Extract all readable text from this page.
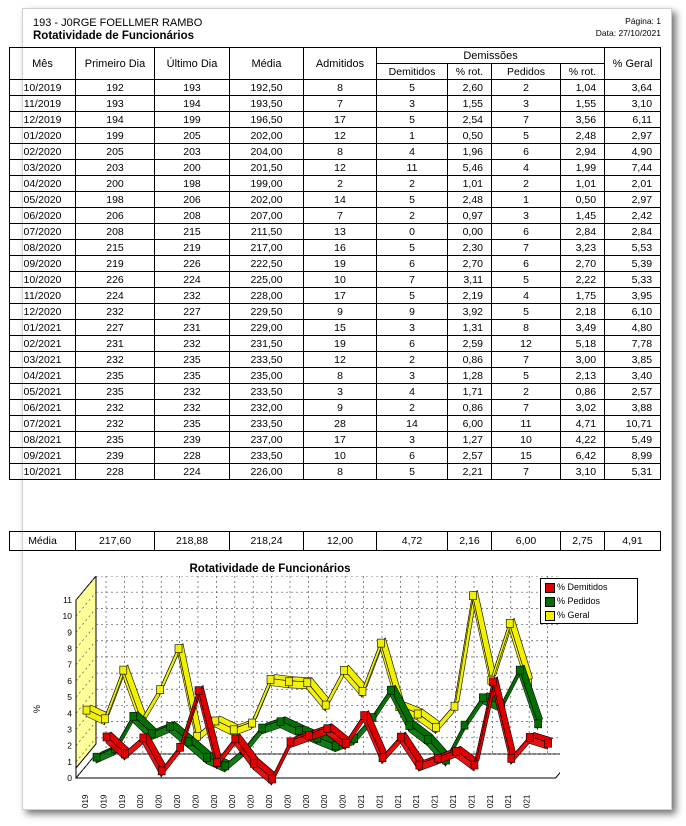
193 - J0RGE FOELLMER RAMBO
Rotatividade de Funcionários
Página: 1
Data: 27/10/2021
Mês	Primeiro Dia	Último Dia	Média	Admitidos	Demissões				% Geral
					Demitidos	% rot.	Pedidos	% rot.	
10/2019	192	193	192,50	8	5	2,60	2	1,04	3,64
11/2019	193	194	193,50	7	3	1,55	3	1,55	3,10
12/2019	194	199	196,50	17	5	2,54	7	3,56	6,11
01/2020	199	205	202,00	12	1	0,50	5	2,48	2,97
02/2020	205	203	204,00	8	4	1,96	6	2,94	4,90
03/2020	203	200	201,50	12	11	5,46	4	1,99	7,44
04/2020	200	198	199,00	2	2	1,01	2	1,01	2,01
05/2020	198	206	202,00	14	5	2,48	1	0,50	2,97
06/2020	206	208	207,00	7	2	0,97	3	1,45	2,42
07/2020	208	215	211,50	13	0	0,00	6	2,84	2,84
08/2020	215	219	217,00	16	5	2,30	7	3,23	5,53
09/2020	219	226	222,50	19	6	2,70	6	2,70	5,39
10/2020	226	224	225,00	10	7	3,11	5	2,22	5,33
11/2020	224	232	228,00	17	5	2,19	4	1,75	3,95
12/2020	232	227	229,50	9	9	3,92	5	2,18	6,10
01/2021	227	231	229,00	15	3	1,31	8	3,49	4,80
02/2021	231	232	231,50	19	6	2,59	12	5,18	7,78
03/2021	232	235	233,50	12	2	0,86	7	3,00	3,85
04/2021	235	235	235,00	8	3	1,28	5	2,13	3,40
05/2021	235	232	233,50	3	4	1,71	2	0,86	2,57
06/2021	232	232	232,00	9	2	0,86	7	3,02	3,88
07/2021	232	235	233,50	28	14	6,00	11	4,71	10,71
08/2021	235	239	237,00	17	3	1,27	10	4,22	5,49
09/2021	239	228	233,50	10	6	2,57	15	6,42	8,99
10/2021	228	224	226,00	8	5	2,21	7	3,10	5,31
Média	217,60	218,88	218,24	12,00	4,72	2,16	6,00	2,75	4,91
Rotatividade de Funcionários
0
1
2
3
4
5
6
7
8
9
10
11
%
019 019 019 020 020 020 020 020 020 020 020 020 020 020 020 021 021 021 021 021 021 021 021 021 021
% Demitidos
% Pedidos
% Geral
